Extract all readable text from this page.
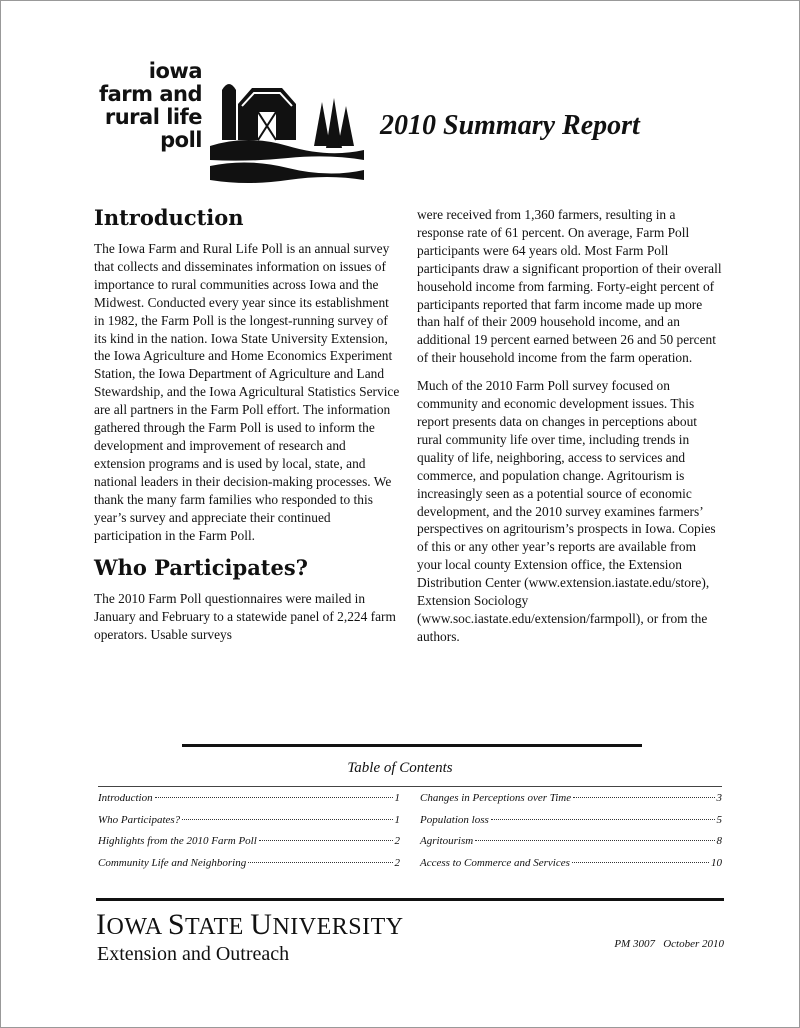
iowa
farm and
rural life
poll	2010 Summary Report
Introduction

The Iowa Farm and Rural Life Poll is an annual survey that collects and disseminates information on issues of importance to rural communities across Iowa and the Midwest. Conducted every year since its establishment in 1982, the Farm Poll is the longest-running survey of its kind in the nation. Iowa State University Extension, the Iowa Agriculture and Home Economics Experiment Station, the Iowa Department of Agriculture and Land Stewardship, and the Iowa Agricultural Statistics Service are all partners in the Farm Poll effort. The information gathered through the Farm Poll is used to inform the development and improvement of research and extension programs and is used by local, state, and national leaders in their decision-making processes. We thank the many farm families who responded to this year’s survey and appreciate their continued participation in the Farm Poll.

Who Participates?

The 2010 Farm Poll questionnaires were mailed in January and February to a statewide panel of 2,224 farm operators. Usable surveys

were received from 1,360 farmers, resulting in a response rate of 61 percent. On average, Farm Poll participants were 64 years old. Most Farm Poll participants draw a significant proportion of their overall household income from farming. Forty-eight percent of participants reported that farm income made up more than half of their 2009 household income, and an additional 19 percent earned between 26 and 50 percent of their household income from the farm operation.

Much of the 2010 Farm Poll survey focused on community and economic development issues. This report presents data on changes in perceptions about rural community life over time, including trends in quality of life, neighboring, access to services and commerce, and population change. Agritourism is increasingly seen as a potential source of economic development, and the 2010 survey examines farmers’ perspectives on agritourism’s prospects in Iowa. Copies of this or any other year’s reports are available from your local county Extension office, the Extension Distribution Center (www.extension.iastate.edu/store), Extension Sociology (www.soc.iastate.edu/extension/farmpoll), or from the authors.

Table of Contents
Introduction	1
Who Participates?	1
Highlights from the 2010 Farm Poll	2
Community Life and Neighboring	2
Changes in Perceptions over Time	3
Population loss	5
Agritourism	8
Access to Commerce and Services	10
IOWA STATE UNIVERSITY
Extension and Outreach	PM 3007 October 2010
